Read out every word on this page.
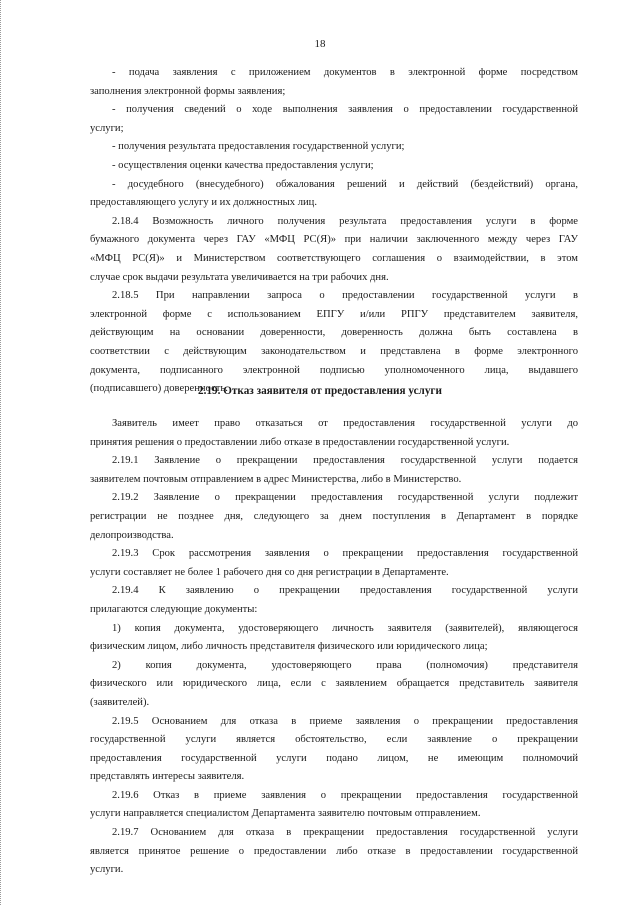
18
- подача заявления с приложением документов в электронной форме посредством
заполнения электронной формы заявления;
- получения сведений о ходе выполнения заявления о предоставлении государственной
услуги;
- получения результата предоставления государственной услуги;
- осуществления оценки качества предоставления услуги;
- досудебного (внесудебного) обжалования решений и действий (бездействий) органа,
предоставляющего услугу и их должностных лиц.
2.18.4 Возможность личного получения результата предоставления услуги в форме
бумажного документа через ГАУ «МФЦ РС(Я)» при наличии заключенного между через ГАУ
«МФЦ РС(Я)» и Министерством соответствующего соглашения о взаимодействии, в этом
случае срок выдачи результата увеличивается на три рабочих дня.
2.18.5 При направлении запроса о предоставлении государственной услуги в
электронной форме с использованием ЕПГУ и/или РПГУ представителем заявителя,
действующим на основании доверенности, доверенность должна быть составлена в
соответствии с действующим законодательством и представлена в форме электронного
документа, подписанного электронной подписью уполномоченного лица, выдавшего
(подписавшего) доверенность.
2.19. Отказ заявителя от предоставления услуги
Заявитель имеет право отказаться от предоставления государственной услуги до
принятия решения о предоставлении либо отказе в предоставлении государственной услуги.
2.19.1 Заявление о прекращении предоставления государственной услуги подается
заявителем почтовым отправлением в адрес Министерства, либо в Министерство.
2.19.2 Заявление о прекращении предоставления государственной услуги подлежит
регистрации не позднее дня, следующего за днем поступления в Департамент в порядке
делопроизводства.
2.19.3 Срок рассмотрения заявления о прекращении предоставления государственной
услуги составляет не более 1 рабочего дня со дня регистрации в Департаменте.
2.19.4 К заявлению о прекращении предоставления государственной услуги
прилагаются следующие документы:
1) копия документа, удостоверяющего личность заявителя (заявителей), являющегося
физическим лицом, либо личность представителя физического или юридического лица;
2) копия документа, удостоверяющего права (полномочия) представителя
физического или юридического лица, если с заявлением обращается представитель заявителя
(заявителей).
2.19.5 Основанием для отказа в приеме заявления о прекращении предоставления
государственной услуги является обстоятельство, если заявление о прекращении
предоставления государственной услуги подано лицом, не имеющим полномочий
представлять интересы заявителя.
2.19.6 Отказ в приеме заявления о прекращении предоставления государственной
услуги направляется специалистом Департамента заявителю почтовым отправлением.
2.19.7 Основанием для отказа в прекращении предоставления государственной услуги
является принятое решение о предоставлении либо отказе в предоставлении государственной
услуги.
